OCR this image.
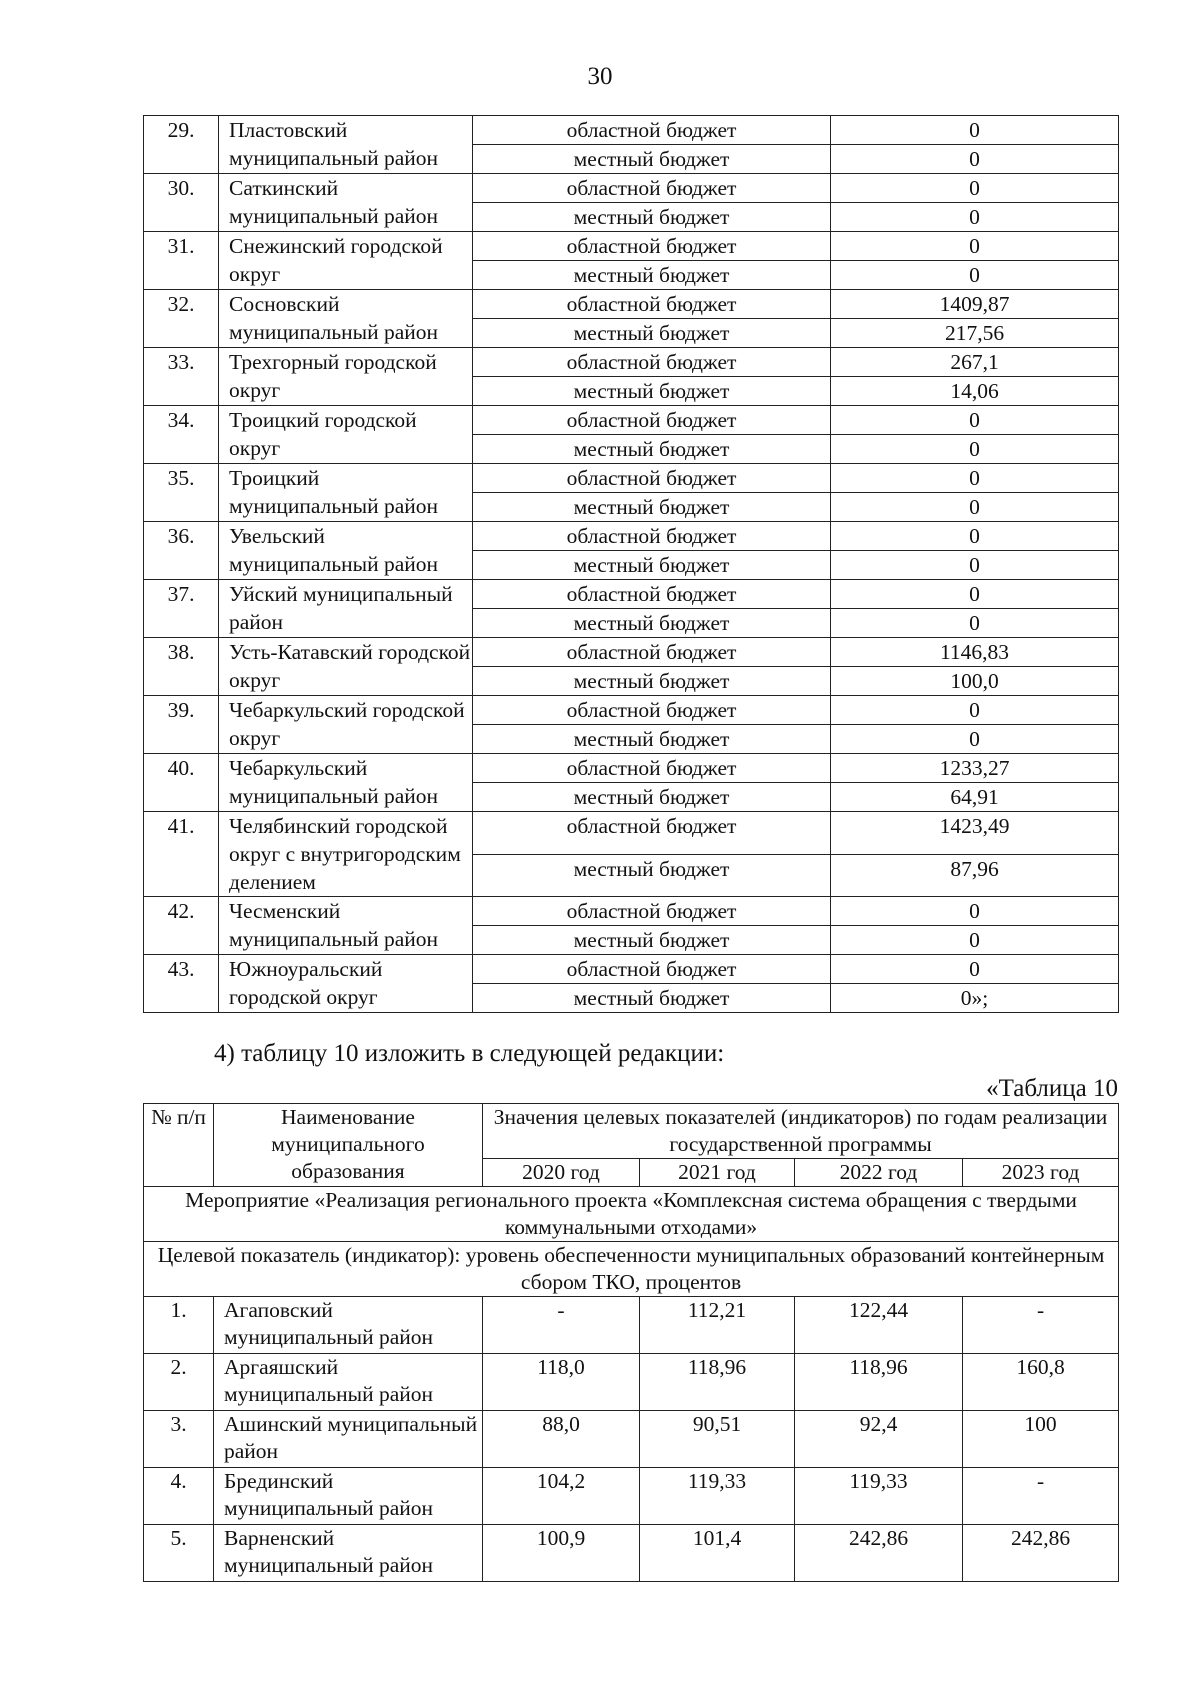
30
29.	Пластовский муниципальный район	областной бюджет	0
		местный бюджет	0
30.	Саткинский муниципальный район	областной бюджет	0
		местный бюджет	0
31.	Снежинский городской округ	областной бюджет	0
		местный бюджет	0
32.	Сосновский муниципальный район	областной бюджет	1409,87
		местный бюджет	217,56
33.	Трехгорный городской округ	областной бюджет	267,1
		местный бюджет	14,06
34.	Троицкий городской округ	областной бюджет	0
		местный бюджет	0
35.	Троицкий муниципальный район	областной бюджет	0
		местный бюджет	0
36.	Увельский муниципальный район	областной бюджет	0
		местный бюджет	0
37.	Уйский муниципальный район	областной бюджет	0
		местный бюджет	0
38.	Усть-Катавский городской округ	областной бюджет	1146,83
		местный бюджет	100,0
39.	Чебаркульский городской округ	областной бюджет	0
		местный бюджет	0
40.	Чебаркульский муниципальный район	областной бюджет	1233,27
		местный бюджет	64,91
41.	Челябинский городской округ с внутригородским делением	областной бюджет	1423,49
		местный бюджет	87,96
42.	Чесменский муниципальный район	областной бюджет	0
		местный бюджет	0
43.	Южноуральский городской округ	областной бюджет	0
		местный бюджет	0»;
4) таблицу 10 изложить в следующей редакции:
«Таблица 10
№ п/п	Наименование муниципального образования	Значения целевых показателей (индикаторов) по годам реализации государственной программы			
		2020 год	2021 год	2022 год	2023 год
Мероприятие «Реализация регионального проекта «Комплексная система обращения с твердыми коммунальными отходами»					
Целевой показатель (индикатор): уровень обеспеченности муниципальных образований контейнерным сбором ТКО, процентов					
1.	Агаповский муниципальный район	-	112,21	122,44	-
2.	Аргаяшский муниципальный район	118,0	118,96	118,96	160,8
3.	Ашинский муниципальный район	88,0	90,51	92,4	100
4.	Брединский муниципальный район	104,2	119,33	119,33	-
5.	Варненский муниципальный район	100,9	101,4	242,86	242,86
